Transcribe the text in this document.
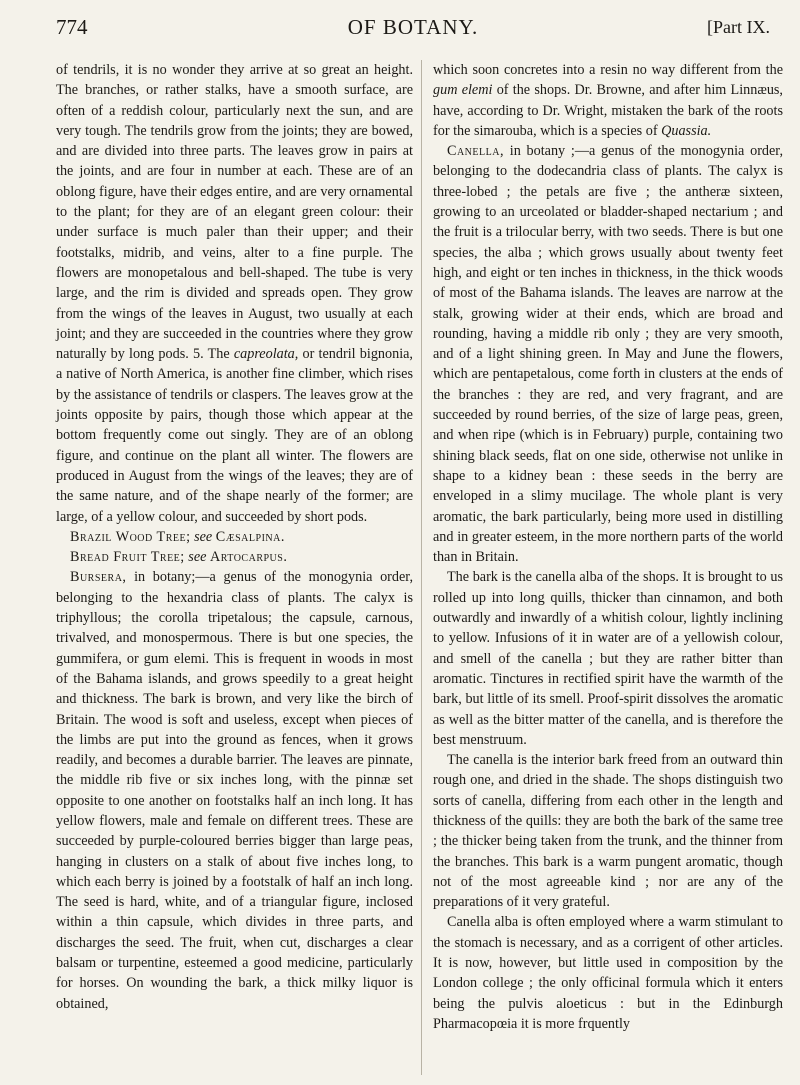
774	OF BOTANY.	[Part IX.

of tendrils, it is no wonder they arrive at so great an height. The branches, or rather stalks, have a smooth surface, are often of a reddish colour, particularly next the sun, and are very tough. The tendrils grow from the joints; they are bowed, and are divided into three parts. The leaves grow in pairs at the joints, and are four in number at each. These are of an oblong figure, have their edges entire, and are very ornamental to the plant; for they are of an elegant green colour: their under surface is much paler than their upper; and their footstalks, midrib, and veins, alter to a fine purple. The flowers are monopetalous and bell-shaped. The tube is very large, and the rim is divided and spreads open. They grow from the wings of the leaves in August, two usually at each joint; and they are succeeded in the countries where they grow naturally by long pods. 5. The capreolata, or tendril bignonia, a native of North America, is another fine climber, which rises by the assistance of tendrils or claspers. The leaves grow at the joints opposite by pairs, though those which appear at the bottom frequently come out singly. They are of an oblong figure, and continue on the plant all winter. The flowers are produced in August from the wings of the leaves; they are of the same nature, and of the shape nearly of the former; are large, of a yellow colour, and succeeded by short pods.

Brazil Wood Tree; see Cæsalpina.

Bread Fruit Tree; see Artocarpus.

Bursera, in botany;—a genus of the monogynia order, belonging to the hexandria class of plants. The calyx is triphyllous; the corolla tripetalous; the capsule, carnous, trivalved, and monospermous. There is but one species, the gummifera, or gum elemi. This is frequent in woods in most of the Bahama islands, and grows speedily to a great height and thickness. The bark is brown, and very like the birch of Britain. The wood is soft and useless, except when pieces of the limbs are put into the ground as fences, when it grows readily, and becomes a durable barrier. The leaves are pinnate, the middle rib five or six inches long, with the pinnæ set opposite to one another on footstalks half an inch long. It has yellow flowers, male and female on different trees. These are succeeded by purple-coloured berries bigger than large peas, hanging in clusters on a stalk of about five inches long, to which each berry is joined by a footstalk of half an inch long. The seed is hard, white, and of a triangular figure, inclosed within a thin capsule, which divides in three parts, and discharges the seed. The fruit, when cut, discharges a clear balsam or turpentine, esteemed a good medicine, particularly for horses. On wounding the bark, a thick milky liquor is obtained,

which soon concretes into a resin no way different from the gum elemi of the shops. Dr. Browne, and after him Linnæus, have, according to Dr. Wright, mistaken the bark of the roots for the simarouba, which is a species of Quassia.

Canella, in botany ;—a genus of the monogynia order, belonging to the dodecandria class of plants. The calyx is three-lobed ; the petals are five ; the antheræ sixteen, growing to an urceolated or bladder-shaped nectarium ; and the fruit is a trilocular berry, with two seeds. There is but one species, the alba ; which grows usually about twenty feet high, and eight or ten inches in thickness, in the thick woods of most of the Bahama islands. The leaves are narrow at the stalk, growing wider at their ends, which are broad and rounding, having a middle rib only ; they are very smooth, and of a light shining green. In May and June the flowers, which are pentapetalous, come forth in clusters at the ends of the branches : they are red, and very fragrant, and are succeeded by round berries, of the size of large peas, green, and when ripe (which is in February) purple, containing two shining black seeds, flat on one side, otherwise not unlike in shape to a kidney bean : these seeds in the berry are enveloped in a slimy mucilage. The whole plant is very aromatic, the bark particularly, being more used in distilling and in greater esteem, in the more northern parts of the world than in Britain.

The bark is the canella alba of the shops. It is brought to us rolled up into long quills, thicker than cinnamon, and both outwardly and inwardly of a whitish colour, lightly inclining to yellow. Infusions of it in water are of a yellowish colour, and smell of the canella ; but they are rather bitter than aromatic. Tinctures in rectified spirit have the warmth of the bark, but little of its smell. Proof-spirit dissolves the aromatic as well as the bitter matter of the canella, and is therefore the best menstruum.

The canella is the interior bark freed from an outward thin rough one, and dried in the shade. The shops distinguish two sorts of canella, differing from each other in the length and thickness of the quills: they are both the bark of the same tree ; the thicker being taken from the trunk, and the thinner from the branches. This bark is a warm pungent aromatic, though not of the most agreeable kind ; nor are any of the preparations of it very grateful.

Canella alba is often employed where a warm stimulant to the stomach is necessary, and as a corrigent of other articles. It is now, however, but little used in composition by the London college ; the only officinal formula which it enters being the pulvis aloeticus : but in the Edinburgh Pharmacopœia it is more frquently
